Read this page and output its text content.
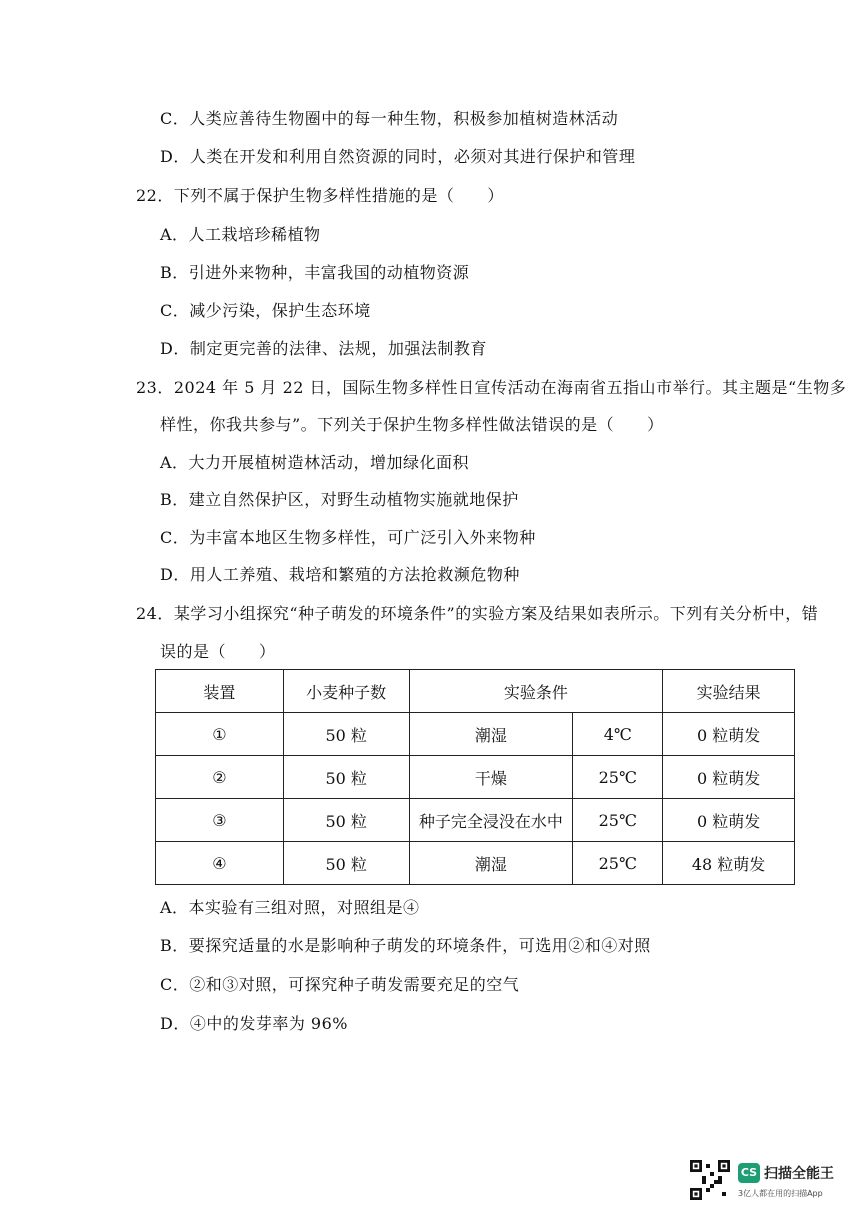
C．人类应善待生物圈中的每一种生物，积极参加植树造林活动
D．人类在开发和利用自然资源的同时，必须对其进行保护和管理
22．下列不属于保护生物多样性措施的是（　　）
A．人工栽培珍稀植物
B．引进外来物种，丰富我国的动植物资源
C．减少污染，保护生态环境
D．制定更完善的法律、法规，加强法制教育
23．2024 年 5 月 22 日，国际生物多样性日宣传活动在海南省五指山市举行。其主题是“生物多
样性，你我共参与”。下列关于保护生物多样性做法错误的是（　　）
A．大力开展植树造林活动，增加绿化面积
B．建立自然保护区，对野生动植物实施就地保护
C．为丰富本地区生物多样性，可广泛引入外来物种
D．用人工养殖、栽培和繁殖的方法抢救濒危物种
24．某学习小组探究“种子萌发的环境条件”的实验方案及结果如表所示。下列有关分析中，错
误的是（　　）
装置	小麦种子数	实验条件		实验结果
①	50 粒	潮湿	4℃	0 粒萌发
②	50 粒	干燥	25℃	0 粒萌发
③	50 粒	种子完全浸没在水中	25℃	0 粒萌发
④	50 粒	潮湿	25℃	48 粒萌发
A．本实验有三组对照，对照组是④
B．要探究适量的水是影响种子萌发的环境条件，可选用②和④对照
C．②和③对照，可探究种子萌发需要充足的空气
D．④中的发芽率为 96%
CS 扫描全能王
3亿人都在用的扫描App
